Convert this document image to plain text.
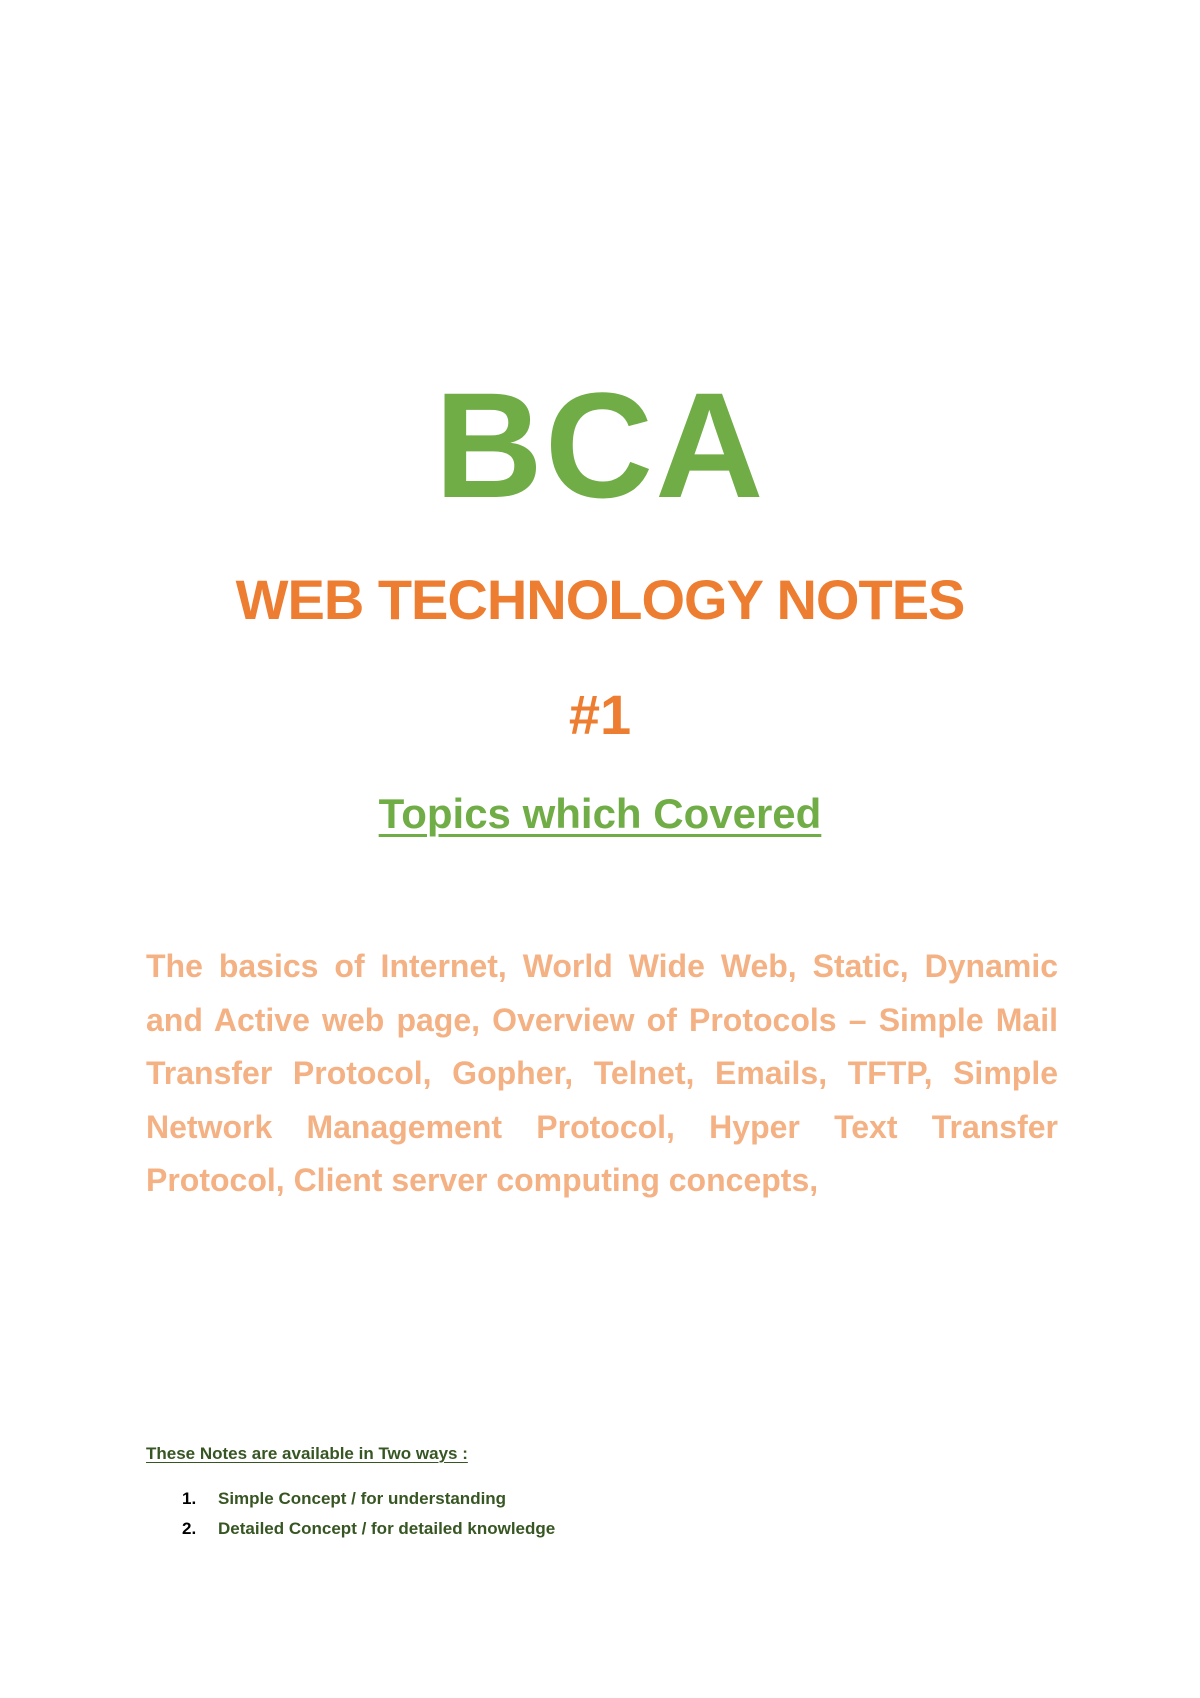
BCA
WEB TECHNOLOGY NOTES
#1
Topics which Covered
The basics of Internet, World Wide Web, Static, Dynamic and Active web page, Overview of Protocols – Simple Mail Transfer Protocol, Gopher, Telnet, Emails, TFTP, Simple Network Management Protocol, Hyper Text Transfer Protocol, Client server computing concepts,
These Notes are available in Two ways :
1.	Simple Concept / for understanding
2.	Detailed Concept / for detailed knowledge
